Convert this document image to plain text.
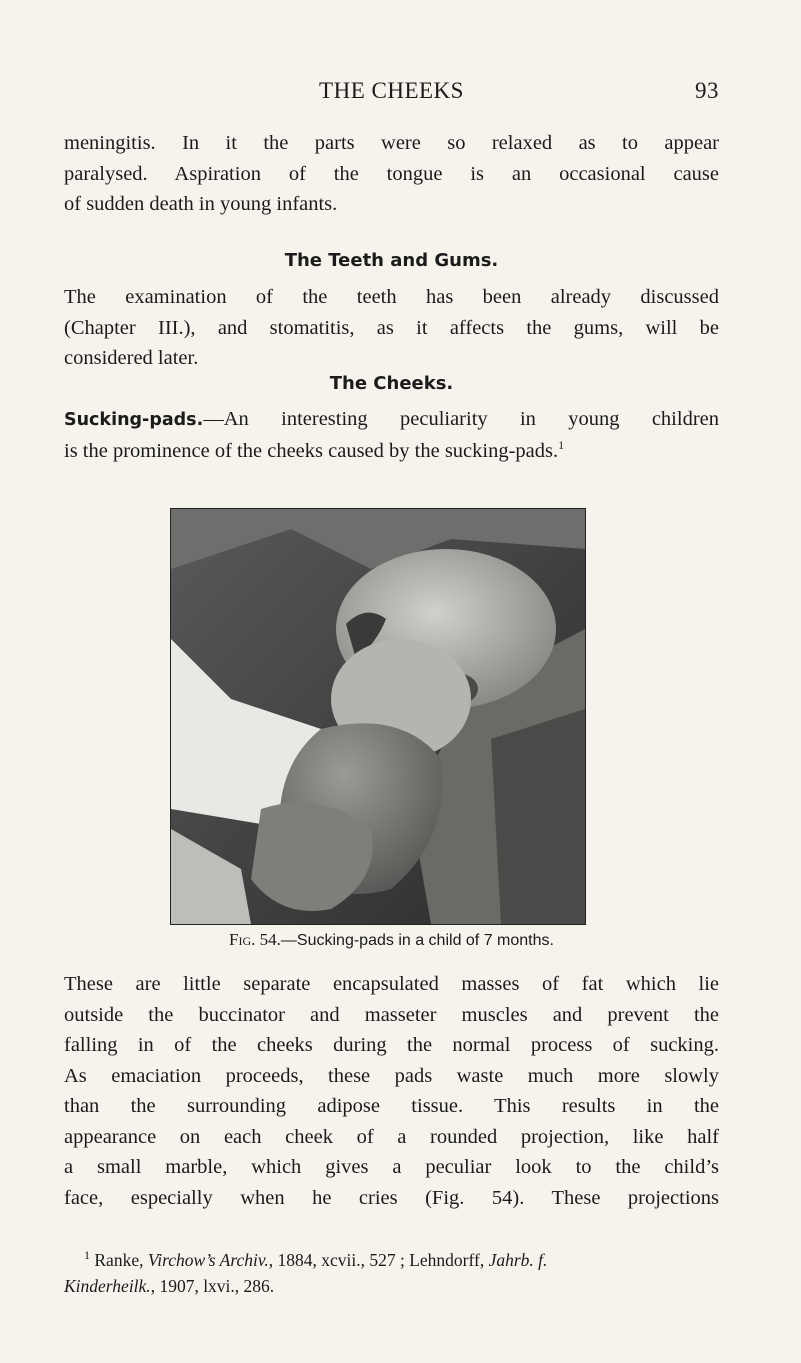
THE CHEEKS	93
meningitis. In it the parts were so relaxed as to appear
paralysed. Aspiration of the tongue is an occasional cause
of sudden death in young infants.
The Teeth and Gums.
The examination of the teeth has been already discussed
(Chapter III.), and stomatitis, as it affects the gums, will be
considered later.
The Cheeks.
Sucking-pads.—An interesting peculiarity in young children
is the prominence of the cheeks caused by the sucking-pads.$^1$
Fig. 54.—Sucking-pads in a child of 7 months.
These are little separate encapsulated masses of fat which lie
outside the buccinator and masseter muscles and prevent the
falling in of the cheeks during the normal process of sucking.
As emaciation proceeds, these pads waste much more slowly
than the surrounding adipose tissue. This results in the
appearance on each cheek of a rounded projection, like half
a small marble, which gives a peculiar look to the child’s
face, especially when he cries (Fig. 54). These projections
$^1$ Ranke, Virchow’s Archiv., 1884, xcvii., 527 ; Lehndorff, Jahrb. f.
Kinderheilk., 1907, lxvi., 286.
